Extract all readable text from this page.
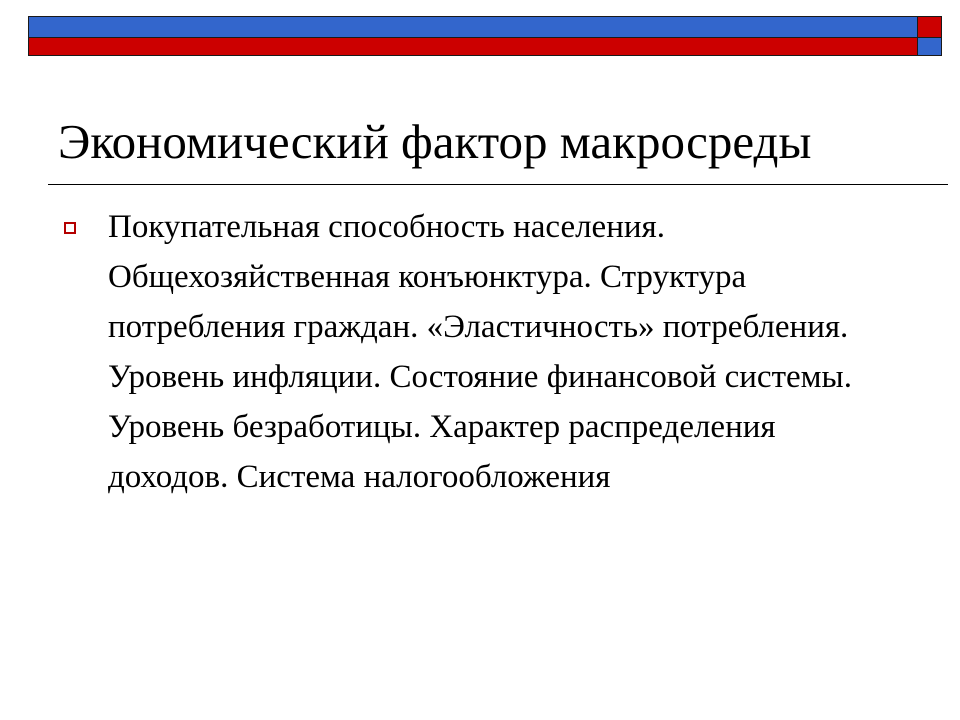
Экономический фактор макросреды
Покупательная способность населения. Общехозяйственная конъюнктура. Структура потребления граждан. «Эластичность» потребления. Уровень инфляции. Состояние финансовой системы. Уровень безработицы. Характер распределения доходов. Система налогообложения
